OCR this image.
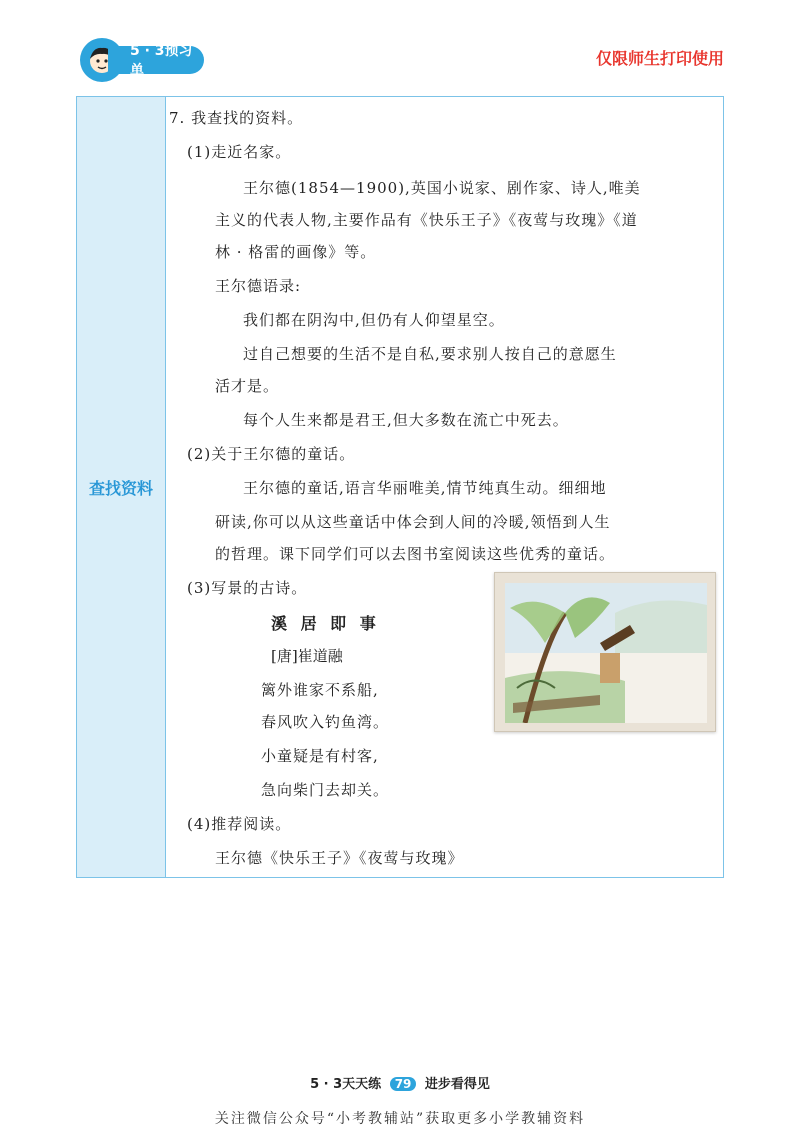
5 · 3预习单
仅限师生打印使用
查找资料
7. 我查找的资料。
(1)走近名家。
王尔德(1854—1900),英国小说家、剧作家、诗人,唯美
主义的代表人物,主要作品有《快乐王子》《夜莺与玫瑰》《道
林 · 格雷的画像》等。
王尔德语录:
我们都在阴沟中,但仍有人仰望星空。
过自己想要的生活不是自私,要求别人按自己的意愿生
活才是。
每个人生来都是君王,但大多数在流亡中死去。
(2)关于王尔德的童话。
王尔德的童话,语言华丽唯美,情节纯真生动。细细地
研读,你可以从这些童话中体会到人间的冷暖,领悟到人生
的哲理。课下同学们可以去图书室阅读这些优秀的童话。
(3)写景的古诗。
溪 居 即 事
[唐]崔道融
篱外谁家不系船,
春风吹入钓鱼湾。
小童疑是有村客,
急向柴门去却关。
(4)推荐阅读。
王尔德《快乐王子》《夜莺与玫瑰》
5 · 3天天练 79 进步看得见
关注微信公众号“小考教辅站”获取更多小学教辅资料
